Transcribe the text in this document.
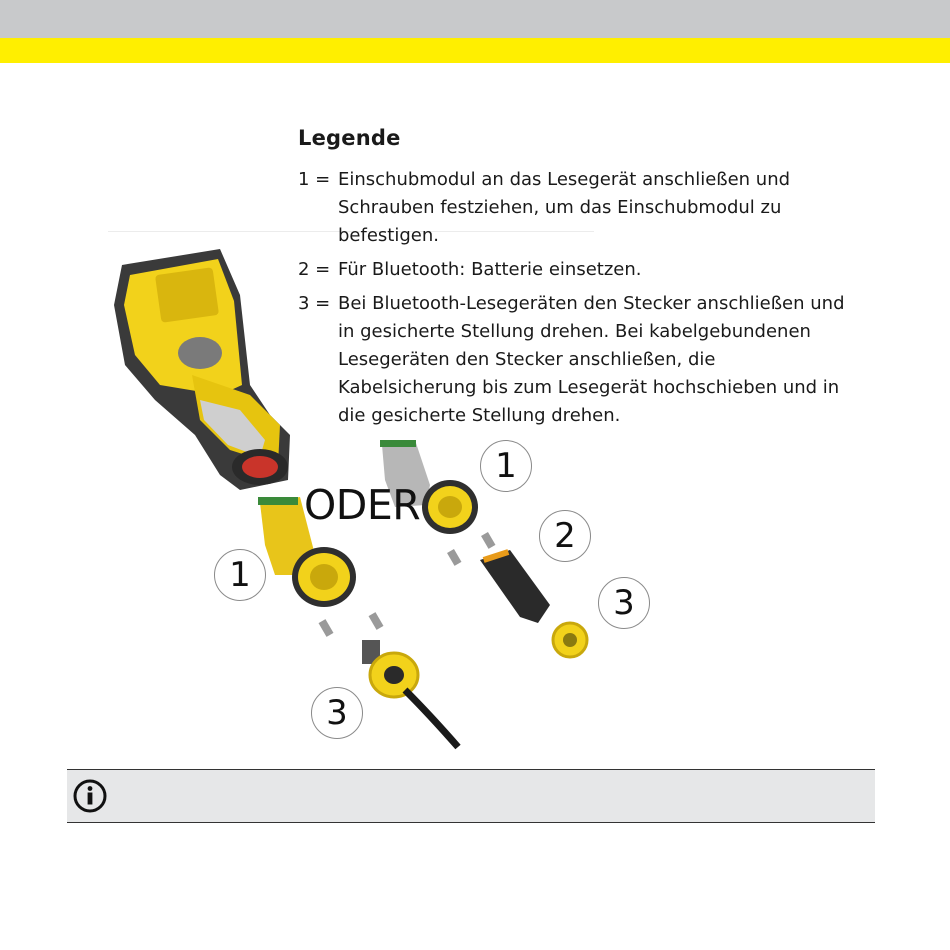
Legende
1 = Einschubmodul an das Lesegerät anschließen und Schrauben festziehen, um das Einschubmodul zu befestigen.
2 = Für Bluetooth: Batterie einsetzen.
3 = Bei Bluetooth-Lesegeräten den Stecker anschließen und in gesicherte Stellung drehen. Bei kabelgebundenen Lesegeräten den Stecker anschließen, die Kabelsicherung bis zum Lesegerät hochschieben und in die gesicherte Stellung drehen.
ODER
1
3
1
2
3
